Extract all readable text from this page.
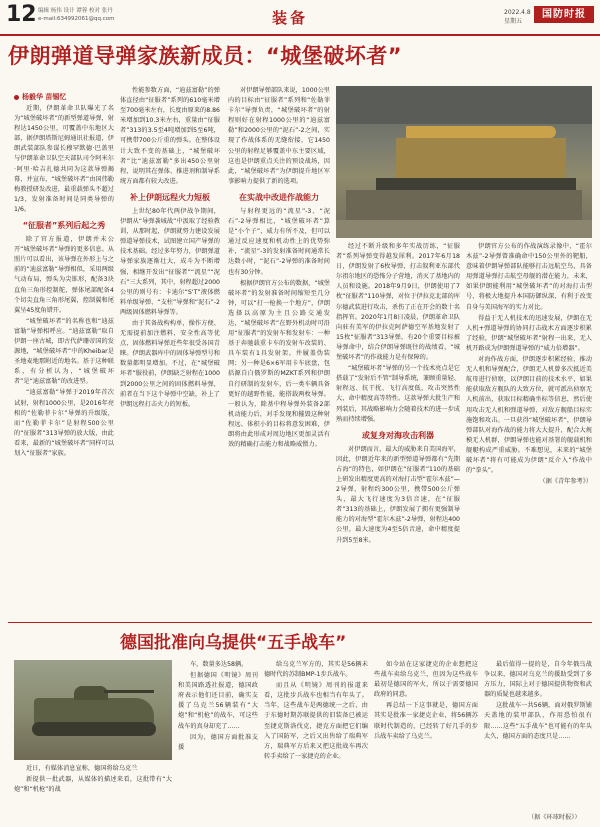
12 编辑 杨伟 设计 谭蓉 校对 张丹
e-mail:634992061@qq.com	装备	2022.4.8
星期五
国防时报
伊朗弹道导弹家族新成员：“城堡破坏者”
杨毅华 苗锡忆

近期，伊朗革命卫队曝光了名为“城堡破坏者”的新型弹道导弹，射程达1450公里，可覆盖中东地区大部，据伊朗塔斯尼姆通讯社报道，伊朗武装部队参谋长穆罕默德·巴盖里与伊朗革命卫队空天部队司令阿米尔·阿里·哈吉扎德共同为这款导弹揭幕，并宣布，“城堡破坏者”由国伟勒梅教授研发改进，最重载弹头不超过1/3，发射准备时间是同类导弹的1/6。

“征服者”系列后起之秀

除了官方报道，伊朗并未公开“城堡破坏者”导弹的更多信息。从照片可以看出，该导弹在外形上与之前的“迪兹富勒”导弹相似，采用两级气动布局，弹头为尖锥形，配备3块直角三角形控制舵，弹体尾部配备4个切尖直角三角形尾翼，控制翼和尾翼呈45度角错开。

“城堡破坏者”的名称也和“迪兹富勒”导弹相呼应。“迪兹富勒”取自伊朗一座古城，即古代萨珊帝国的发源地，“城堡破坏者”中的Kheibar是圣地麦地那附近的地名。基于这种联系，有分析认为，“城堡破坏者”是“迪兹富勒”的改进型。

“迪兹富勒”导弹于2019年首次试射，射程1000公里，是2016年亮相的“佐勒菲卡尔”导弹的升级版，而“佐勒菲卡尔”是射程500公里的“征服者”313导弹的放大版，由此看来，最新的“城堡破坏者”同样可以划入“征服者”家族。

性能参数方面，“迪兹富勒”的弹体直径由“征服者”系列的610毫米增至700毫米左右，长度由原来的8.86米增加到10.3米左右，重量由“征服者”313的3.5至4吨增加到5至6吨，可携带700公斤重的弹头。在整体设计大致不变的基础上，“城堡破坏者”比“迪兹富勒”多出450公里射程，说明其在弹体、推进剂和制导系统方面都有较大改进。

补上伊朗远程火力短板

上世纪80年代两伊战争期间，伊朗从“导弹袭城战”中汲取了经验教训，从那时起，伊朗就努力建设发展弹道导弹技术，试图建立国产导弹的技术基础。经过多年努力，伊朗弹道导弹家族逐渐壮大，成斗为不断增强，相继开发出“征服者”“流星”“泥石”三大系列，其中，射程超过2000公里的则号有：卡迪尔“S‘T”液体燃料单级导弹、“支柱”导弹和“泥石”-2两级固体燃料导弹等。

由于其备战构构单，操作方便、无需提前加注燃料，安全性高等优点，固体燃料导弹近些年很受各国青睐。伊朗武器库中的固体导弹型号和数量都明显增加。不过，在“城堡破坏者”服役前，伊朗缺乏射程在1000到2000公里之间的固体燃料导弹，前者在当下这个导弹中空缺，补上了伊朗远程打击火力的短板。

对伊朗导弹部队来说，1000公里内的目标由“征服者”系列和“佐勒菲卡尔”导弹负责，“城堡破坏者”的射程则好在射程1000公里的“迪兹富勒”和2000公里的“泥石”-2之间，实现了作战体系的无缝衔接，它1450公里的射程足够覆盖中东主要区域，这也是伊朗重点关注的预设战场，因此，“城堡破坏者”为伊朗提升地区军事影响力提供了新的选项。

在实战中改进作战能力

与射程更远的“流星”-3、“泥石”-2导弹相比，“城堡破坏者”算是“小个子”，威力有所不及，但可以通过反应速度和机动性上的优势弥补，“流星”-3的发射准备时间通常长达数小时，“泥石”-2导弹的准备时间也有30分钟。

根据伊朗官方公布的数据，“城堡破坏者”的发射准备时间缩短至几分钟，可以“打一枪换一个地方”，伊朗选择以高原为主且公路交通发达，“城堡破坏者”在野外机动时可沿用“征服者”的发射车和发射车：一种基于奔驰载重卡车的发射车改装的、具车装有1具发射架。井履盖伪装网；另一种是6×6军用卡车底盘，包括源自白俄罗斯的MZKT系列和伊朗自行研制的发射车，后一类车辆具备更好的越野性能，能搭载两枚导弹。一般认为，除基中程导弹外装备2部机动能力后，对手发现和摧毁这种射程远、体积小的目标将意发困难，伊朗将由此形成对周边地区更加灵活有效的精确打击能力和战略威慑力。

经过不断升级和多年实战历练，“征服者”系列导弹变得越发犀利。2017年6月18日，伊朗发射了6枚导弹，打击叙利亚东部代尔祖尔地区的恐怖分子营地，消灭了基地内的人员和设施。2018年9月9日，伊朗使用了7枚“征服者”110导弹，对位于伊拉克北部的库尔德武装进行攻击，杀伤了正在开会的数十名指挥官。2020年1月8日凌晨，伊朗革命卫队向驻有美军的伊拉克阿萨德空军基地发射了15枚“征服者”313导弹，有20个重要目标被导弹命中，结合伊朗导弹既往的战绩看，“城堡破坏者”的作战能力是有保障的。

“城堡破坏者”导弹的另一个技术亮点是它搭载了“发射后不管”制导系统，兼顾重量轻、射程远、抗干扰、飞行高度低，攻击突然性大，命中精度高等特性。这款导弹大批生产和列装后，其战略影响力会随着技术的进一步成熟而持续增强。

或复身对海攻击利器

对伊朗而言，最大的威胁来自美国海军，因此，伊朗近年来的新型弹道导弹都有“先期占海”的特色，如伊朗在“征服者”110的基础上研发出精度更高的对海打击型“霍尔木兹”—2导弹，射程约300公里，携带500公斤弹头，最大飞行速度为3倍音速，在“征服者”313的基础上，伊朗发展了拥有更强制导能力的对海型“霍尔木兹”-2导弹，射程达400公里，最大速度为4至5倍音速，命中精度提升到5至8米。

伊朗官方公布的作战演练录像中，“霍尔木兹”-2导弹曾准确命中150公里外的靶船，意味着伊朗导弹部队能够打击远航空鸟，具备用弹道导弹打击航空母舰的潜在能力，未来，如果伊朗能利用“城堡破坏者”的对海打击型号，将极大地提升本国防御纵深，有利于改变自身与美国海军的实力对比。

得益于无人机技术的迅速发展，伊朗在无人机+弹道导弹的协同打击战术方面逐步积累了经验，伊朗“城堡破坏者”射程一出来，无人机开路成为伊朗弹道导弹的“威力倍增器”。

对海作战方面，伊朗逐步积累经验，推动无人机和导弹配合，伊朗无人机曾多次抵近美航母进行侦察，以伊朗目前的技术水平，如果能获取敌方舰队的大致方位，就可派出侦察无人机前出，获取目标精确坐标等信息，然后使用攻击无人机和弹道导弹，对敌方舰船目标实施饱和攻击。一旦获得“城堡破坏者”，伊朗导弹部队对海作战的能力将大大提升，配合大规模无人机群，伊朗导弹也能对基署的舰载机和舰艇构成严重威胁。不难想见，未来的“城堡破坏者”将有可能成为伊朗“反介入”作战中的“拳头”。

（据《青年参考》）

德国批准向乌提供“五手战车”

近日，有媒体消息宣称，德国将给乌克兰

新提供一批武器，从媒体的描述来看，这批带有“大炮”和“机枪”的战

车，数量多达58辆。

但据德国《明镜》周刊和美国路透社报道，德国政府表示他们还目前，确实支援了乌克兰56辆装有“大炮”和“机枪”的战车，可这些战车的真身却充了……

因为，德国方面批准支援

给乌克兰军方的，其实是56辆未德时代的苏制BMP-1步兵战车。

而且从《明镜》周刊的报道来看，这批步兵战车也相当有年头了。当年，这些战车是两德统一之后，由于东德时期苏联提供的旧装备已被运至捷克斯洛伐克，捷克方面把它们编入了国防军，之后又出售给了瑞典军方，瑞典军方后来又把这批战车再次转手卖给了一家捷克的企业。

如今站在这家捷克的企业想把这些战车卖给乌克兰，但因为这些战车最初是德国的军火，所以于需要德国政府的同意。

再总结一下这事就是，德国方面其实是批准一家捷克企业，将56辆苏联时代制造的，已经转了好几手的步兵战车卖给了乌克兰。

最后值得一提的是，自今年俄乌战争以来，德国对乌克兰的援助受到了多方压力，国际上对于德国提供物资和武器的质疑也越来越多。

这批战车一共56辆，面对俄罗斯铺天盖地的装甲部队，作用恐怕很有限……这些“五手战车”也可能有的年头太久，德国方面的态度只是……

（据《环球时报》）
